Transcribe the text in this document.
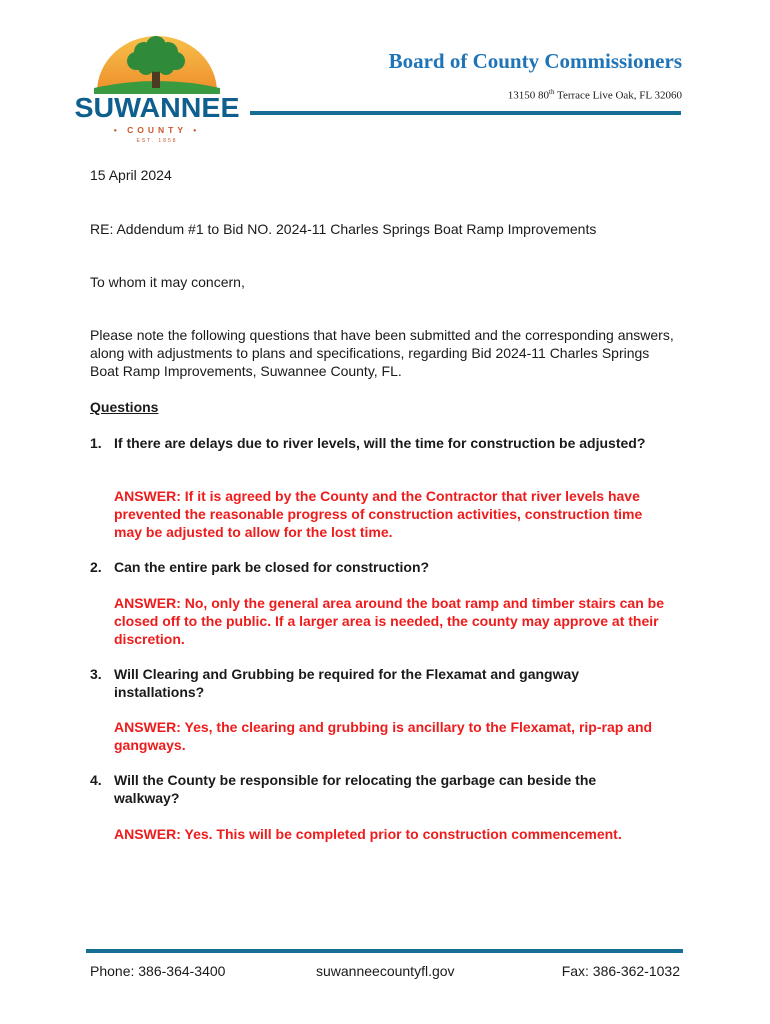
SUWANNEE
• COUNTY •
EST. 1858
Board of County Commissioners
13150 80th Terrace Live Oak, FL 32060
15 April 2024
RE: Addendum #1 to Bid NO. 2024-11 Charles Springs Boat Ramp Improvements
To whom it may concern,
Please note the following questions that have been submitted and the corresponding answers, along with adjustments to plans and specifications, regarding Bid 2024-11 Charles Springs Boat Ramp Improvements, Suwannee County, FL.
Questions
1. If there are delays due to river levels, will the time for construction be adjusted?
ANSWER: If it is agreed by the County and the Contractor that river levels have prevented the reasonable progress of construction activities, construction time may be adjusted to allow for the lost time.
2. Can the entire park be closed for construction?
ANSWER: No, only the general area around the boat ramp and timber stairs can be closed off to the public. If a larger area is needed, the county may approve at their discretion.
3. Will Clearing and Grubbing be required for the Flexamat and gangway installations?
ANSWER: Yes, the clearing and grubbing is ancillary to the Flexamat, rip-rap and gangways.
4. Will the County be responsible for relocating the garbage can beside the walkway?
ANSWER: Yes. This will be completed prior to construction commencement.
Phone: 386-364-3400	suwanneecountyfl.gov	Fax: 386-362-1032
